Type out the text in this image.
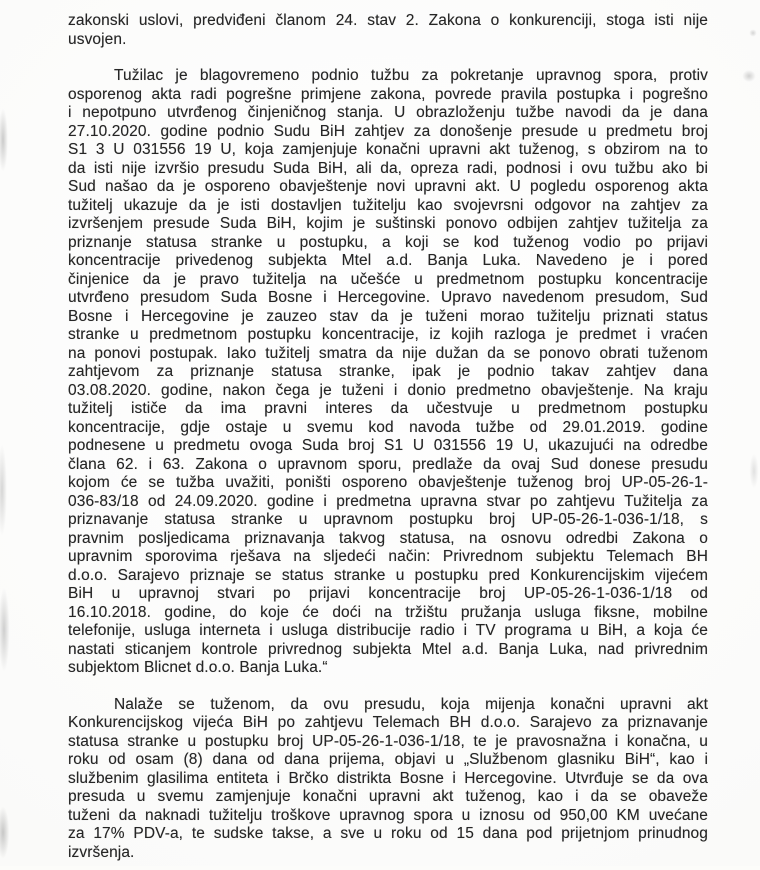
zakonski uslovi, predviđeni članom 24. stav 2. Zakona o konkurenciji, stoga isti nije
usvojen.

Tužilac je blagovremeno podnio tužbu za pokretanje upravnog spora, protiv
osporenog akta radi pogrešne primjene zakona, povrede pravila postupka i pogrešno
i nepotpuno utvrđenog činjeničnog stanja. U obrazloženju tužbe navodi da je dana
27.10.2020. godine podnio Sudu BiH zahtjev za donošenje presude u predmetu broj
S1 3 U 031556 19 U, koja zamjenjuje konačni upravni akt tuženog, s obzirom na to
da isti nije izvršio presudu Suda BiH, ali da, opreza radi, podnosi i ovu tužbu ako bi
Sud našao da je osporeno obavještenje novi upravni akt. U pogledu osporenog akta
tužitelj ukazuje da je isti dostavljen tužitelju kao svojevrsni odgovor na zahtjev za
izvršenjem presude Suda BiH, kojim je suštinski ponovo odbijen zahtjev tužitelja za
priznanje statusa stranke u postupku, a koji se kod tuženog vodio po prijavi
koncentracije privedenog subjekta Mtel a.d. Banja Luka. Navedeno je i pored
činjenice da je pravo tužitelja na učešće u predmetnom postupku koncentracije
utvrđeno presudom Suda Bosne i Hercegovine. Upravo navedenom presudom, Sud
Bosne i Hercegovine je zauzeo stav da je tuženi morao tužitelju priznati status
stranke u predmetnom postupku koncentracije, iz kojih razloga je predmet i vraćen
na ponovi postupak. Iako tužitelj smatra da nije dužan da se ponovo obrati tuženom
zahtjevom za priznanje statusa stranke, ipak je podnio takav zahtjev dana
03.08.2020. godine, nakon čega je tuženi i donio predmetno obavještenje. Na kraju
tužitelj ističe da ima pravni interes da učestvuje u predmetnom postupku
koncentracije, gdje ostaje u svemu kod navoda tužbe od 29.01.2019. godine
podnesene u predmetu ovoga Suda broj S1 U 031556 19 U, ukazujući na odredbe
člana 62. i 63. Zakona o upravnom sporu, predlaže da ovaj Sud donese presudu
kojom će se tužba uvažiti, poništi osporeno obavještenje tuženog broj UP-05-26-1-
036-83/18 od 24.09.2020. godine i predmetna upravna stvar po zahtjevu Tužitelja za
priznavanje statusa stranke u upravnom postupku broj UP-05-26-1-036-1/18, s
pravnim posljedicama priznavanja takvog statusa, na osnovu odredbi Zakona o
upravnim sporovima rješava na sljedeći način: Privrednom subjektu Telemach BH
d.o.o. Sarajevo priznaje se status stranke u postupku pred Konkurencijskim vijećem
BiH u upravnoj stvari po prijavi koncentracije broj UP-05-26-1-036-1/18 od
16.10.2018. godine, do koje će doći na tržištu pružanja usluga fiksne, mobilne
telefonije, usluga interneta i usluga distribucije radio i TV programa u BiH, a koja će
nastati sticanjem kontrole privrednog subjekta Mtel a.d. Banja Luka, nad privrednim
subjektom Blicnet d.o.o. Banja Luka.“

Nalaže se tuženom, da ovu presudu, koja mijenja konačni upravni akt
Konkurencijskog vijeća BiH po zahtjevu Telemach BH d.o.o. Sarajevo za priznavanje
statusa stranke u postupku broj UP-05-26-1-036-1/18, te je pravosnažna i konačna, u
roku od osam (8) dana od dana prijema, objavi u „Službenom glasniku BiH“, kao i
službenim glasilima entiteta i Brčko distrikta Bosne i Hercegovine. Utvrđuje se da ova
presuda u svemu zamjenjuje konačni upravni akt tuženog, kao i da se obaveže
tuženi da naknadi tužitelju troškove upravnog spora u iznosu od 950,00 KM uvećane
za 17% PDV-a, te sudske takse, a sve u roku od 15 dana pod prijetnjom prinudnog
izvršenja.
